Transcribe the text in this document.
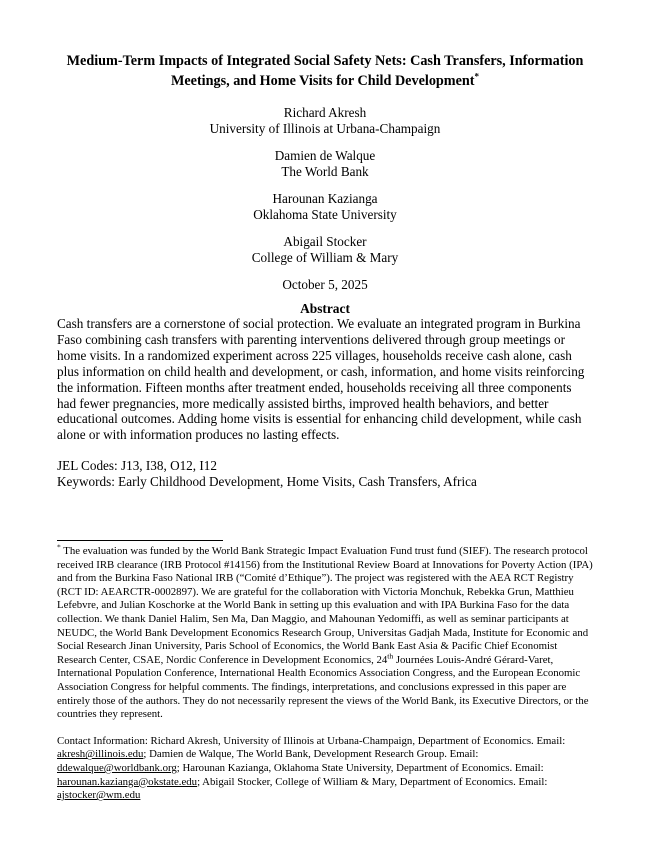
Medium-Term Impacts of Integrated Social Safety Nets: Cash Transfers, Information Meetings, and Home Visits for Child Development*
Richard Akresh
University of Illinois at Urbana-Champaign
Damien de Walque
The World Bank
Harounan Kazianga
Oklahoma State University
Abigail Stocker
College of William & Mary
October 5, 2025
Abstract

Cash transfers are a cornerstone of social protection. We evaluate an integrated program in Burkina Faso combining cash transfers with parenting interventions delivered through group meetings or home visits. In a randomized experiment across 225 villages, households receive cash alone, cash plus information on child health and development, or cash, information, and home visits reinforcing the information. Fifteen months after treatment ended, households receiving all three components had fewer pregnancies, more medically assisted births, improved health behaviors, and better educational outcomes. Adding home visits is essential for enhancing child development, while cash alone or with information produces no lasting effects.

JEL Codes: J13, I38, O12, I12
Keywords: Early Childhood Development, Home Visits, Cash Transfers, Africa

* The evaluation was funded by the World Bank Strategic Impact Evaluation Fund trust fund (SIEF). The research protocol received IRB clearance (IRB Protocol #14156) from the Institutional Review Board at Innovations for Poverty Action (IPA) and from the Burkina Faso National IRB (“Comité d’Ethique”). The project was registered with the AEA RCT Registry (RCT ID: AEARCTR-0002897). We are grateful for the collaboration with Victoria Monchuk, Rebekka Grun, Matthieu Lefebvre, and Julian Koschorke at the World Bank in setting up this evaluation and with IPA Burkina Faso for the data collection. We thank Daniel Halim, Sen Ma, Dan Maggio, and Mahounan Yedomiffi, as well as seminar participants at NEUDC, the World Bank Development Economics Research Group, Universitas Gadjah Mada, Institute for Economic and Social Research Jinan University, Paris School of Economics, the World Bank East Asia & Pacific Chief Economist Research Center, CSAE, Nordic Conference in Development Economics, 24th Journées Louis-André Gérard-Varet, International Population Conference, International Health Economics Association Congress, and the European Economic Association Congress for helpful comments. The findings, interpretations, and conclusions expressed in this paper are entirely those of the authors. They do not necessarily represent the views of the World Bank, its Executive Directors, or the countries they represent.

Contact Information: Richard Akresh, University of Illinois at Urbana-Champaign, Department of Economics. Email: akresh@illinois.edu; Damien de Walque, The World Bank, Development Research Group. Email: ddewalque@worldbank.org; Harounan Kazianga, Oklahoma State University, Department of Economics. Email: harounan.kazianga@okstate.edu; Abigail Stocker, College of William & Mary, Department of Economics. Email: ajstocker@wm.edu
